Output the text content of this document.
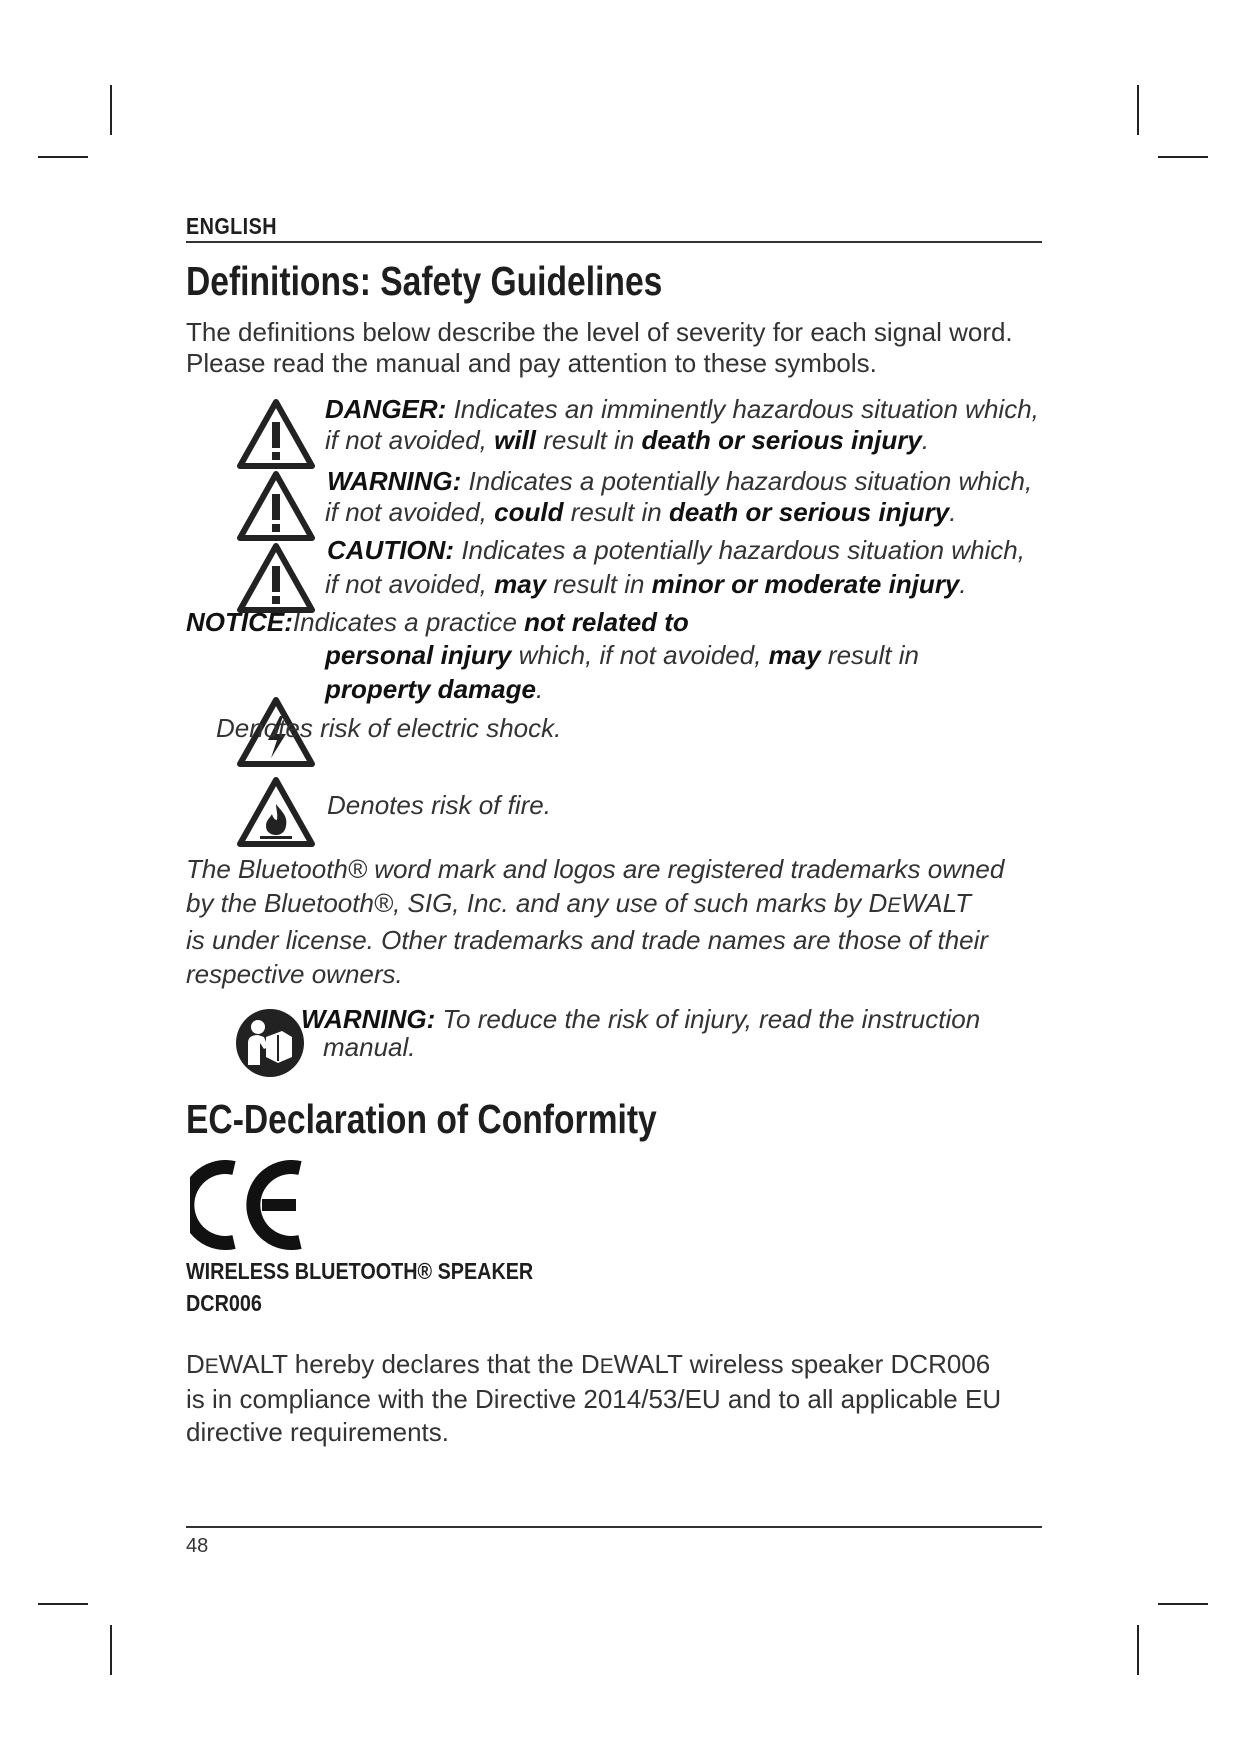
ENGLISH
Definitions: Safety Guidelines
The definitions below describe the level of severity for each signal word. Please read the manual and pay attention to these symbols.
DANGER: Indicates an imminently hazardous situation which,
if not avoided, will result in death or serious injury.
WARNING: Indicates a potentially hazardous situation which,
if not avoided, could result in death or serious injury.
CAUTION: Indicates a potentially hazardous situation which,
if not avoided, may result in minor or moderate injury.
NOTICE:Indicates a practice not related to
personal injury which, if not avoided, may result in
property damage.
Denotes risk of electric shock.
Denotes risk of fire.
The Bluetooth® word mark and logos are registered trademarks owned
by the Bluetooth®, SIG, Inc. and any use of such marks by DEWALT
is under license. Other trademarks and trade names are those of their
respective owners.
WARNING: To reduce the risk of injury, read the instruction
manual.
EC-Declaration of Conformity
WIRELESS BLUETOOTH® SPEAKER
DCR006
DEWALT hereby declares that the DEWALT wireless speaker DCR006
is in compliance with the Directive 2014/53/EU and to all applicable EU
directive requirements.
48
